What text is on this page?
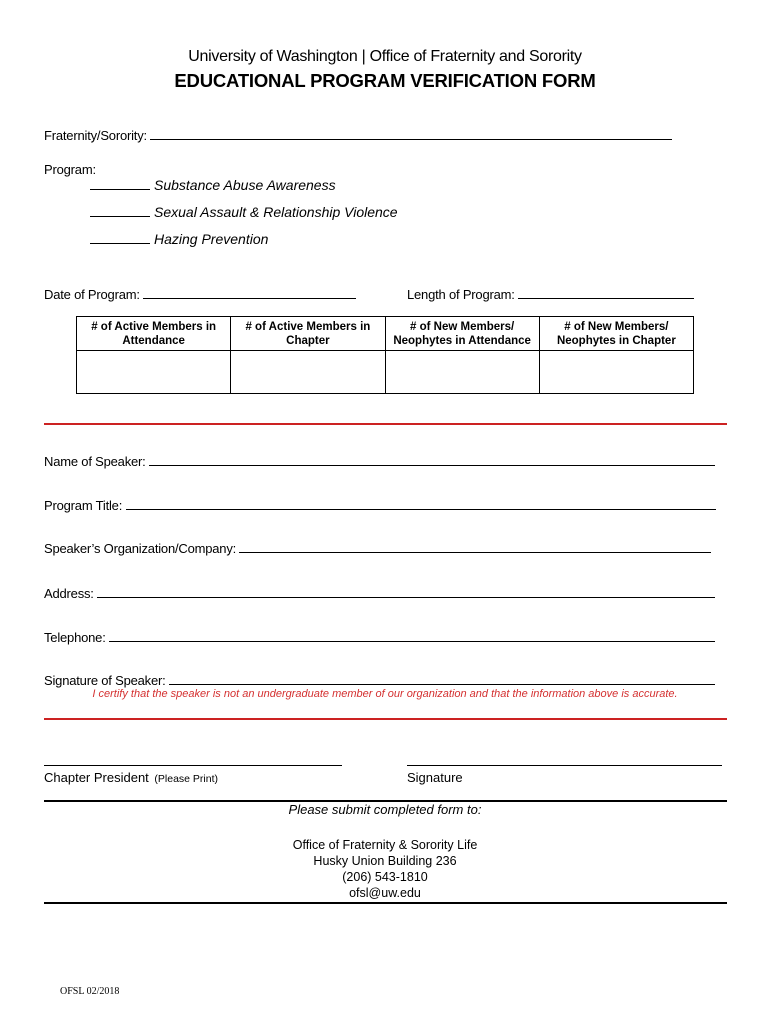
University of Washington | Office of Fraternity and Sorority
EDUCATIONAL PROGRAM VERIFICATION FORM
Fraternity/Sorority:
Program:
Substance Abuse Awareness
Sexual Assault & Relationship Violence
Hazing Prevention
Date of Program:	Length of Program:
# of Active Members in Attendance	# of Active Members in Chapter	# of New Members/ Neophytes in Attendance	# of New Members/ Neophytes in Chapter

Name of Speaker:
Program Title:
Speaker’s Organization/Company:
Address:
Telephone:
Signature of Speaker:
I certify that the speaker is not an undergraduate member of our organization and that the information above is accurate.
Chapter President (Please Print)	Signature
Please submit completed form to:
Office of Fraternity & Sorority Life
Husky Union Building 236
(206) 543-1810
ofsl@uw.edu
OFSL 02/2018
